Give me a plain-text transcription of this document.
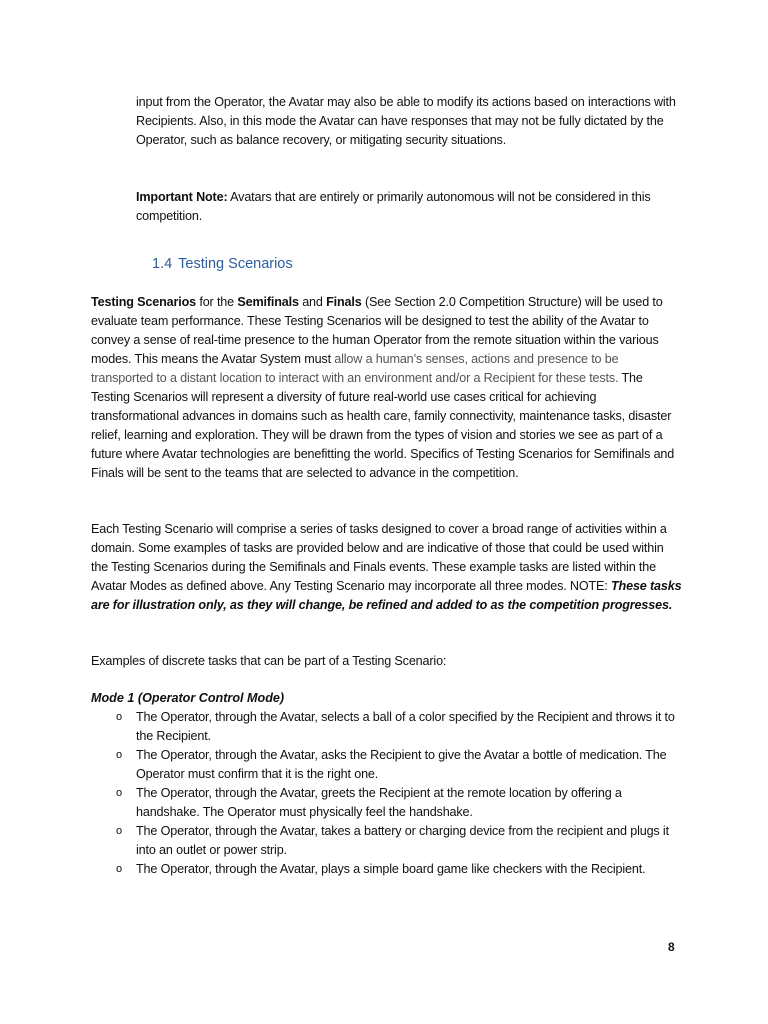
input from the Operator, the Avatar may also be able to modify its actions based on interactions with Recipients. Also, in this mode the Avatar can have responses that may not be fully dictated by the Operator, such as balance recovery, or mitigating security situations.

Important Note: Avatars that are entirely or primarily autonomous will not be considered in this competition.

1.4 Testing Scenarios

Testing Scenarios for the Semifinals and Finals (See Section 2.0 Competition Structure) will be used to evaluate team performance. These Testing Scenarios will be designed to test the ability of the Avatar to convey a sense of real-time presence to the human Operator from the remote situation within the various modes. This means the Avatar System must allow a human’s senses, actions and presence to be transported to a distant location to interact with an environment and/or a Recipient for these tests. The Testing Scenarios will represent a diversity of future real-world use cases critical for achieving transformational advances in domains such as health care, family connectivity, maintenance tasks, disaster relief, learning and exploration. They will be drawn from the types of vision and stories we see as part of a future where Avatar technologies are benefitting the world. Specifics of Testing Scenarios for Semifinals and Finals will be sent to the teams that are selected to advance in the competition.

Each Testing Scenario will comprise a series of tasks designed to cover a broad range of activities within a domain. Some examples of tasks are provided below and are indicative of those that could be used within the Testing Scenarios during the Semifinals and Finals events. These example tasks are listed within the Avatar Modes as defined above. Any Testing Scenario may incorporate all three modes. NOTE: These tasks are for illustration only, as they will change, be refined and added to as the competition progresses.

Examples of discrete tasks that can be part of a Testing Scenario:

Mode 1 (Operator Control Mode)

o The Operator, through the Avatar, selects a ball of a color specified by the Recipient and throws it to the Recipient.
o The Operator, through the Avatar, asks the Recipient to give the Avatar a bottle of medication. The Operator must confirm that it is the right one.
o The Operator, through the Avatar, greets the Recipient at the remote location by offering a handshake. The Operator must physically feel the handshake.
o The Operator, through the Avatar, takes a battery or charging device from the recipient and plugs it into an outlet or power strip.
o The Operator, through the Avatar, plays a simple board game like checkers with the Recipient.
8
